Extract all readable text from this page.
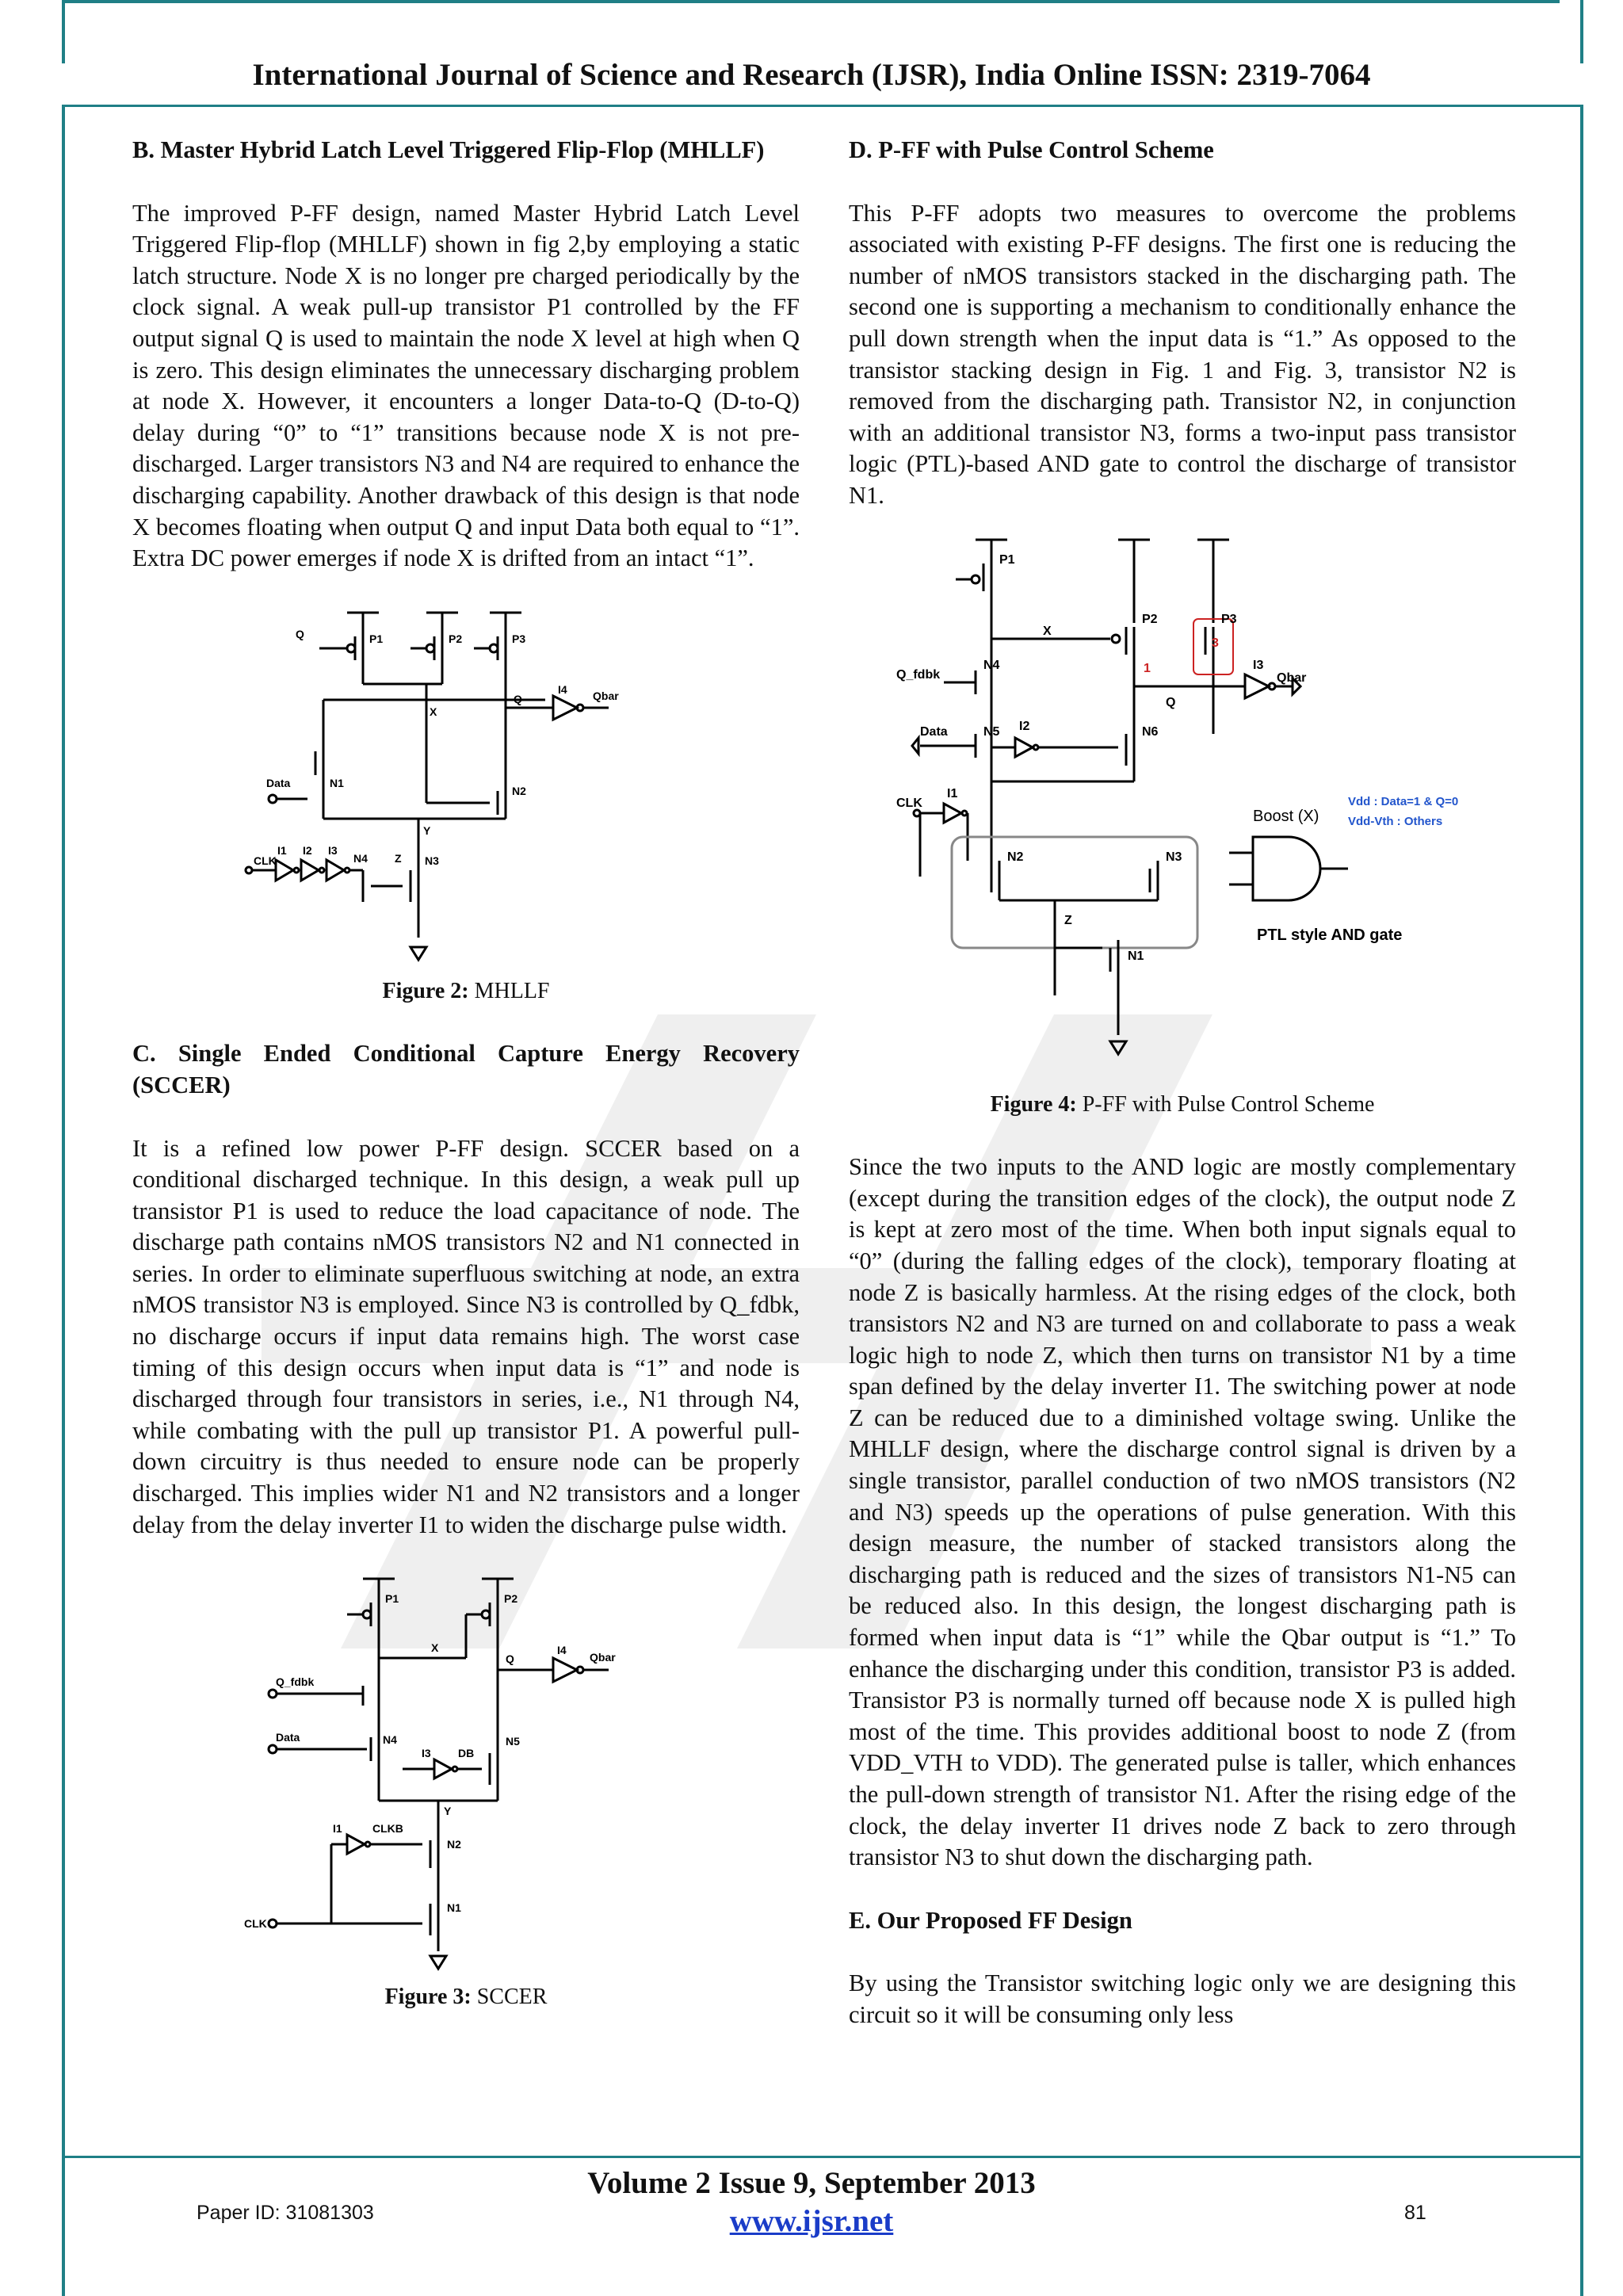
International Journal of Science and Research (IJSR), India Online ISSN: 2319-7064

B. Master Hybrid Latch Level Triggered Flip-Flop (MHLLF)

The improved P-FF design, named Master Hybrid Latch Level Triggered Flip-flop (MHLLF) shown in fig 2,by employing a static latch structure. Node X is no longer pre charged periodically by the clock signal. A weak pull-up transistor P1 controlled by the FF output signal Q is used to maintain the node X level at high when Q is zero. This design eliminates the unnecessary discharging problem at node X. However, it encounters a longer Data-to-Q (D-to-Q) delay during “0” to “1” transitions because node X is not pre-discharged. Larger transistors N3 and N4 are required to enhance the discharging capability. Another drawback of this design is that node X becomes floating when output Q and input Data both equal to “1”. Extra DC power emerges if node X is drifted from an intact “1”.

Q	P1	P2	P3
X
Q
I4 Qbar
Data	N1
N2
Y
N3
Z
CLK
I1 I2 I3
N4

Figure 2: MHLLF

C. Single Ended Conditional Capture Energy Recovery (SCCER)

It is a refined low power P-FF design. SCCER based on a conditional discharged technique. In this design, a weak pull up transistor P1 is used to reduce the load capacitance of node. The discharge path contains nMOS transistors N2 and N1 connected in series. In order to eliminate superfluous switching at node, an extra nMOS transistor N3 is employed. Since N3 is controlled by Q_fdbk, no discharge occurs if input data remains high. The worst case timing of this design occurs when input data is “1” and node is discharged through four transistors in series, i.e., N1 through N4, while combating with the pull up transistor P1. A powerful pull-down circuitry is thus needed to ensure node can be properly discharged. This implies wider N1 and N2 transistors and a longer delay from the delay inverter I1 to widen the discharge pulse width.

P1	P2
X
Q
I4
Qbar
Q_fdbk
Data	N4
I3 DB
N5
Y
I1	CLKB
N2
N1
CLK

Figure 3: SCCER

D. P-FF with Pulse Control Scheme

This P-FF adopts two measures to overcome the problems associated with existing P-FF designs. The first one is reducing the number of nMOS transistors stacked in the discharging path. The second one is supporting a mechanism to conditionally enhance the pull down strength when the input data is “1.” As opposed to the transistor stacking design in Fig. 1 and Fig. 3, transistor N2 is removed from the discharging path. Transistor N2, in conjunction with an additional transistor N3, forms a two-input pass transistor logic (PTL)-based AND gate to control the discharge of transistor N1.

P1
X
P2	P3
3
1
Q
I3
Qbar
Q_fdbk
N4
Data	N5 I2	N6
CLK
I1
N2	N3
Z
N1
Boost (X)
Vdd : Data=1 & Q=0
Vdd-Vth : Others
PTL style AND gate

Figure 4: P-FF with Pulse Control Scheme

Since the two inputs to the AND logic are mostly complementary (except during the transition edges of the clock), the output node Z is kept at zero most of the time. When both input signals equal to “0” (during the falling edges of the clock), temporary floating at node Z is basically harmless. At the rising edges of the clock, both transistors N2 and N3 are turned on and collaborate to pass a weak logic high to node Z, which then turns on transistor N1 by a time span defined by the delay inverter I1. The switching power at node Z can be reduced due to a diminished voltage swing. Unlike the MHLLF design, where the discharge control signal is driven by a single transistor, parallel conduction of two nMOS transistors (N2 and N3) speeds up the operations of pulse generation. With this design measure, the number of stacked transistors along the discharging path is reduced and the sizes of transistors N1-N5 can be reduced also. In this design, the longest discharging path is formed when input data is “1” while the Qbar output is “1.” To enhance the discharging under this condition, transistor P3 is added. Transistor P3 is normally turned off because node X is pulled high most of the time. This provides additional boost to node Z (from VDD_VTH to VDD). The generated pulse is taller, which enhances the pull-down strength of transistor N1. After the rising edge of the clock, the delay inverter I1 drives node Z back to zero through transistor N3 to shut down the discharging path.

E. Our Proposed FF Design

By using the Transistor switching logic only we are designing this circuit so it will be consuming only less

Volume 2 Issue 9, September 2013
www.ijsr.net
Paper ID: 31081303	81
